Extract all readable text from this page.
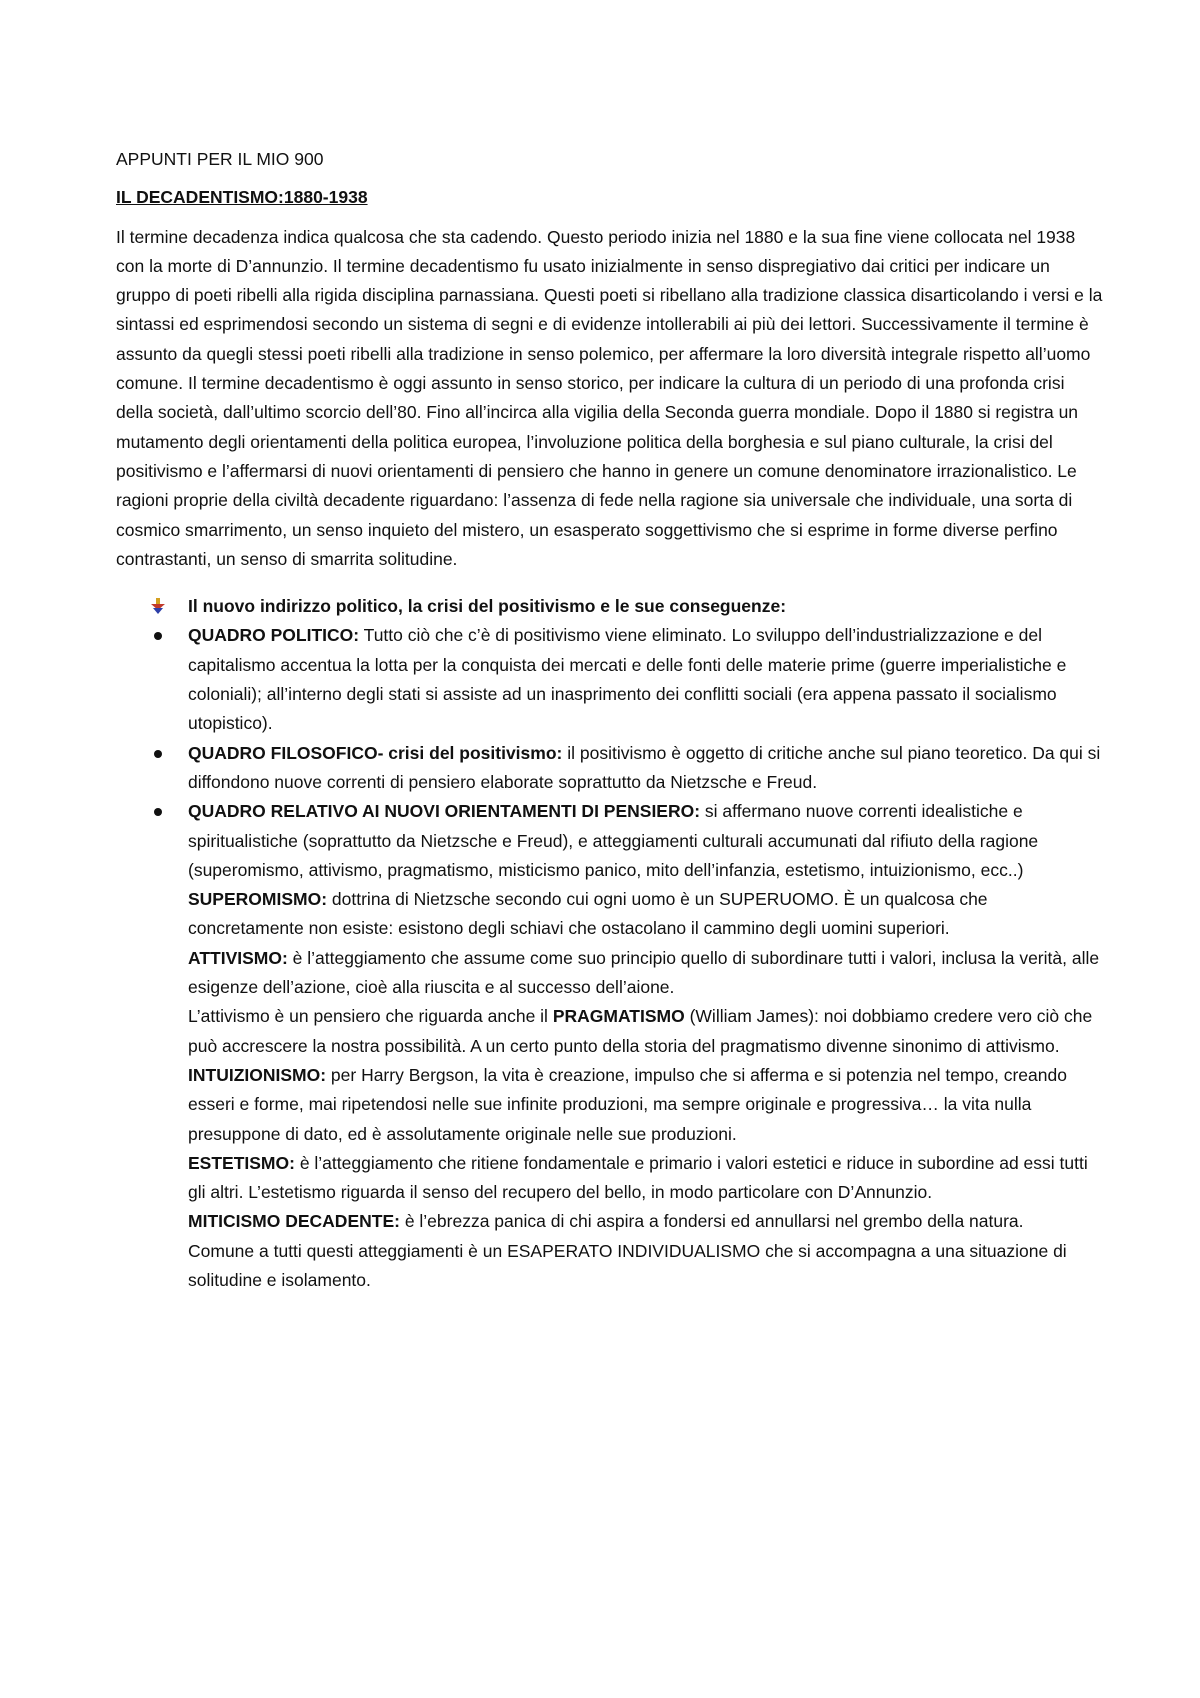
APPUNTI PER IL MIO 900

IL DECADENTISMO:1880-1938

Il termine decadenza indica qualcosa che sta cadendo. Questo periodo inizia nel 1880 e la sua fine viene collocata nel 1938 con la morte di D’annunzio. Il termine decadentismo fu usato inizialmente in senso dispregiativo dai critici per indicare un gruppo di poeti ribelli alla rigida disciplina parnassiana. Questi poeti si ribellano alla tradizione classica disarticolando i versi e la sintassi ed esprimendosi secondo un sistema di segni e di evidenze intollerabili ai più dei lettori. Successivamente il termine è assunto da quegli stessi poeti ribelli alla tradizione in senso polemico, per affermare la loro diversità integrale rispetto all’uomo comune. Il termine decadentismo è oggi assunto in senso storico, per indicare la cultura di un periodo di una profonda crisi della società, dall’ultimo scorcio dell’80. Fino all’incirca alla vigilia della Seconda guerra mondiale. Dopo il 1880 si registra un mutamento degli orientamenti della politica europea, l’involuzione politica della borghesia e sul piano culturale, la crisi del positivismo e l’affermarsi di nuovi orientamenti di pensiero che hanno in genere un comune denominatore irrazionalistico. Le ragioni proprie della civiltà decadente riguardano: l’assenza di fede nella ragione sia universale che individuale, una sorta di cosmico smarrimento, un senso inquieto del mistero, un esasperato soggettivismo che si esprime in forme diverse perfino contrastanti, un senso di smarrita solitudine.

Il nuovo indirizzo politico, la crisi del positivismo e le sue conseguenze:

QUADRO POLITICO: Tutto ciò che c’è di positivismo viene eliminato. Lo sviluppo dell’industrializzazione e del capitalismo accentua la lotta per la conquista dei mercati e delle fonti delle materie prime (guerre imperialistiche e coloniali); all’interno degli stati si assiste ad un inasprimento dei conflitti sociali (era appena passato il socialismo utopistico).
QUADRO FILOSOFICO- crisi del positivismo: il positivismo è oggetto di critiche anche sul piano teoretico. Da qui si diffondono nuove correnti di pensiero elaborate soprattutto da Nietzsche e Freud.
QUADRO RELATIVO AI NUOVI ORIENTAMENTI DI PENSIERO: si affermano nuove correnti idealistiche e spiritualistiche (soprattutto da Nietzsche e Freud), e atteggiamenti culturali accumunati dal rifiuto della ragione (superomismo, attivismo, pragmatismo, misticismo panico, mito dell’infanzia, estetismo, intuizionismo, ecc..)
SUPEROMISMO: dottrina di Nietzsche secondo cui ogni uomo è un SUPERUOMO. È un qualcosa che concretamente non esiste: esistono degli schiavi che ostacolano il cammino degli uomini superiori.
ATTIVISMO: è l’atteggiamento che assume come suo principio quello di subordinare tutti i valori, inclusa la verità, alle esigenze dell’azione, cioè alla riuscita e al successo dell’aione.
L’attivismo è un pensiero che riguarda anche il PRAGMATISMO (William James): noi dobbiamo credere vero ciò che può accrescere la nostra possibilità. A un certo punto della storia del pragmatismo divenne sinonimo di attivismo.
INTUIZIONISMO: per Harry Bergson, la vita è creazione, impulso che si afferma e si potenzia nel tempo, creando esseri e forme, mai ripetendosi nelle sue infinite produzioni, ma sempre originale e progressiva… la vita nulla presuppone di dato, ed è assolutamente originale nelle sue produzioni.
ESTETISMO: è l’atteggiamento che ritiene fondamentale e primario i valori estetici e riduce in subordine ad essi tutti gli altri. L’estetismo riguarda il senso del recupero del bello, in modo particolare con D’Annunzio.
MITICISMO DECADENTE: è l’ebrezza panica di chi aspira a fondersi ed annullarsi nel grembo della natura.
Comune a tutti questi atteggiamenti è un ESAPERATO INDIVIDUALISMO che si accompagna a una situazione di solitudine e isolamento.
